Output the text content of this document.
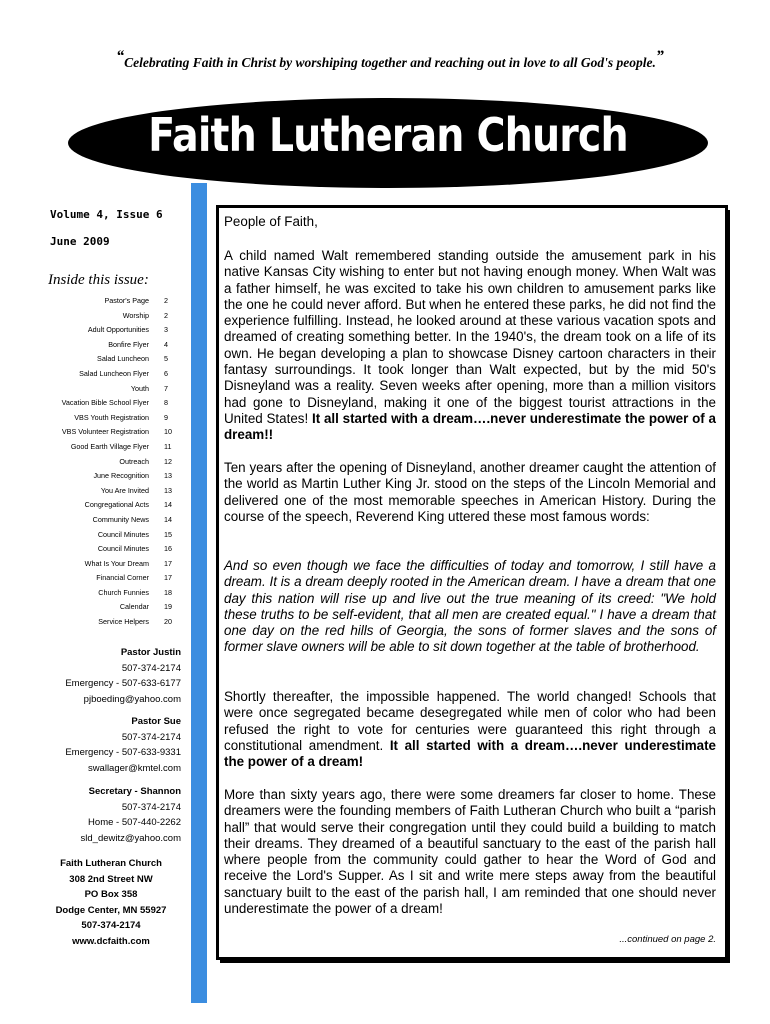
“Celebrating Faith in Christ by worshiping together and reaching out in love to all God's people.”
Faith Lutheran Church
Volume 4, Issue 6
June 2009
Inside this issue:
Pastor's Page 2
Worship 2
Adult Opportunities 3
Bonfire Flyer 4
Salad Luncheon 5
Salad Luncheon Flyer 6
Youth 7
Vacation Bible School Flyer 8
VBS Youth Registration 9
VBS Volunteer Registration 10
Good Earth Village Flyer 11
Outreach 12
June Recognition 13
You Are Invited 13
Congregational Acts 14
Community News 14
Council Minutes 15
Council Minutes 16
What Is Your Dream 17
Financial Corner 17
Church Funnies 18
Calendar 19
Service Helpers 20
Pastor Justin
507-374-2174
Emergency - 507-633-6177
pjboeding@yahoo.com
Pastor Sue
507-374-2174
Emergency - 507-633-9331
swallager@kmtel.com
Secretary - Shannon
507-374-2174
Home - 507-440-2262
sld_dewitz@yahoo.com
Faith Lutheran Church
308 2nd Street NW
PO Box 358
Dodge Center, MN 55927
507-374-2174
www.dcfaith.com
People of Faith,
A child named Walt remembered standing outside the amusement park in his native Kansas City wishing to enter but not having enough money. When Walt was a father himself, he was excited to take his own children to amusement parks like the one he could never afford. But when he entered these parks, he did not find the experience fulfilling. Instead, he looked around at these various vacation spots and dreamed of creating something better. In the 1940's, the dream took on a life of its own. He began developing a plan to showcase Disney cartoon characters in their fantasy surroundings. It took longer than Walt expected, but by the mid 50's Disneyland was a reality. Seven weeks after opening, more than a million visitors had gone to Disneyland, making it one of the biggest tourist attractions in the United States! It all started with a dream….never underestimate the power of a dream!!
Ten years after the opening of Disneyland, another dreamer caught the attention of the world as Martin Luther King Jr. stood on the steps of the Lincoln Memorial and delivered one of the most memorable speeches in American History. During the course of the speech, Reverend King uttered these most famous words:
And so even though we face the difficulties of today and tomorrow, I still have a dream. It is a dream deeply rooted in the American dream. I have a dream that one day this nation will rise up and live out the true meaning of its creed: "We hold these truths to be self-evident, that all men are created equal." I have a dream that one day on the red hills of Georgia, the sons of former slaves and the sons of former slave owners will be able to sit down together at the table of brotherhood.
Shortly thereafter, the impossible happened. The world changed! Schools that were once segregated became desegregated while men of color who had been refused the right to vote for centuries were guaranteed this right through a constitutional amendment. It all started with a dream….never underestimate the power of a dream!
More than sixty years ago, there were some dreamers far closer to home. These dreamers were the founding members of Faith Lutheran Church who built a “parish hall” that would serve their congregation until they could build a building to match their dreams. They dreamed of a beautiful sanctuary to the east of the parish hall where people from the community could gather to hear the Word of God and receive the Lord's Supper. As I sit and write mere steps away from the beautiful sanctuary built to the east of the parish hall, I am reminded that one should never underestimate the power of a dream!
...continued on page 2.
